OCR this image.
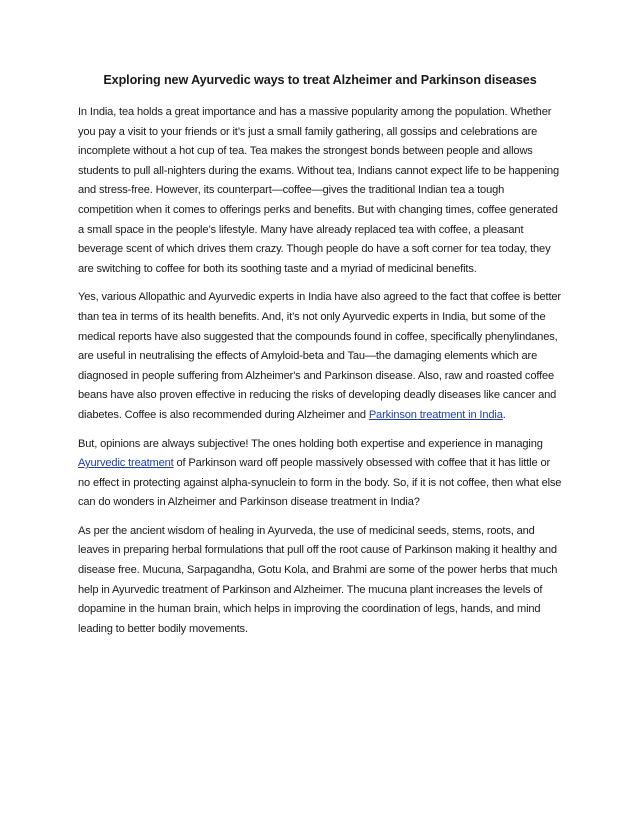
Exploring new Ayurvedic ways to treat Alzheimer and Parkinson diseases

In India, tea holds a great importance and has a massive popularity among the population. Whether you pay a visit to your friends or it’s just a small family gathering, all gossips and celebrations are incomplete without a hot cup of tea. Tea makes the strongest bonds between people and allows students to pull all-nighters during the exams. Without tea, Indians cannot expect life to be happening and stress-free. However, its counterpart—coffee—gives the traditional Indian tea a tough competition when it comes to offerings perks and benefits. But with changing times, coffee generated a small space in the people’s lifestyle. Many have already replaced tea with coffee, a pleasant beverage scent of which drives them crazy. Though people do have a soft corner for tea today, they are switching to coffee for both its soothing taste and a myriad of medicinal benefits.

Yes, various Allopathic and Ayurvedic experts in India have also agreed to the fact that coffee is better than tea in terms of its health benefits. And, it’s not only Ayurvedic experts in India, but some of the medical reports have also suggested that the compounds found in coffee, specifically phenylindanes, are useful in neutralising the effects of Amyloid-beta and Tau—the damaging elements which are diagnosed in people suffering from Alzheimer's and Parkinson disease. Also, raw and roasted coffee beans have also proven effective in reducing the risks of developing deadly diseases like cancer and diabetes. Coffee is also recommended during Alzheimer and Parkinson treatment in India.

But, opinions are always subjective! The ones holding both expertise and experience in managing Ayurvedic treatment of Parkinson ward off people massively obsessed with coffee that it has little or no effect in protecting against alpha-synuclein to form in the body. So, if it is not coffee, then what else can do wonders in Alzheimer and Parkinson disease treatment in India?

As per the ancient wisdom of healing in Ayurveda, the use of medicinal seeds, stems, roots, and leaves in preparing herbal formulations that pull off the root cause of Parkinson making it healthy and disease free. Mucuna, Sarpagandha, Gotu Kola, and Brahmi are some of the power herbs that much help in Ayurvedic treatment of Parkinson and Alzheimer. The mucuna plant increases the levels of dopamine in the human brain, which helps in improving the coordination of legs, hands, and mind leading to better bodily movements.
